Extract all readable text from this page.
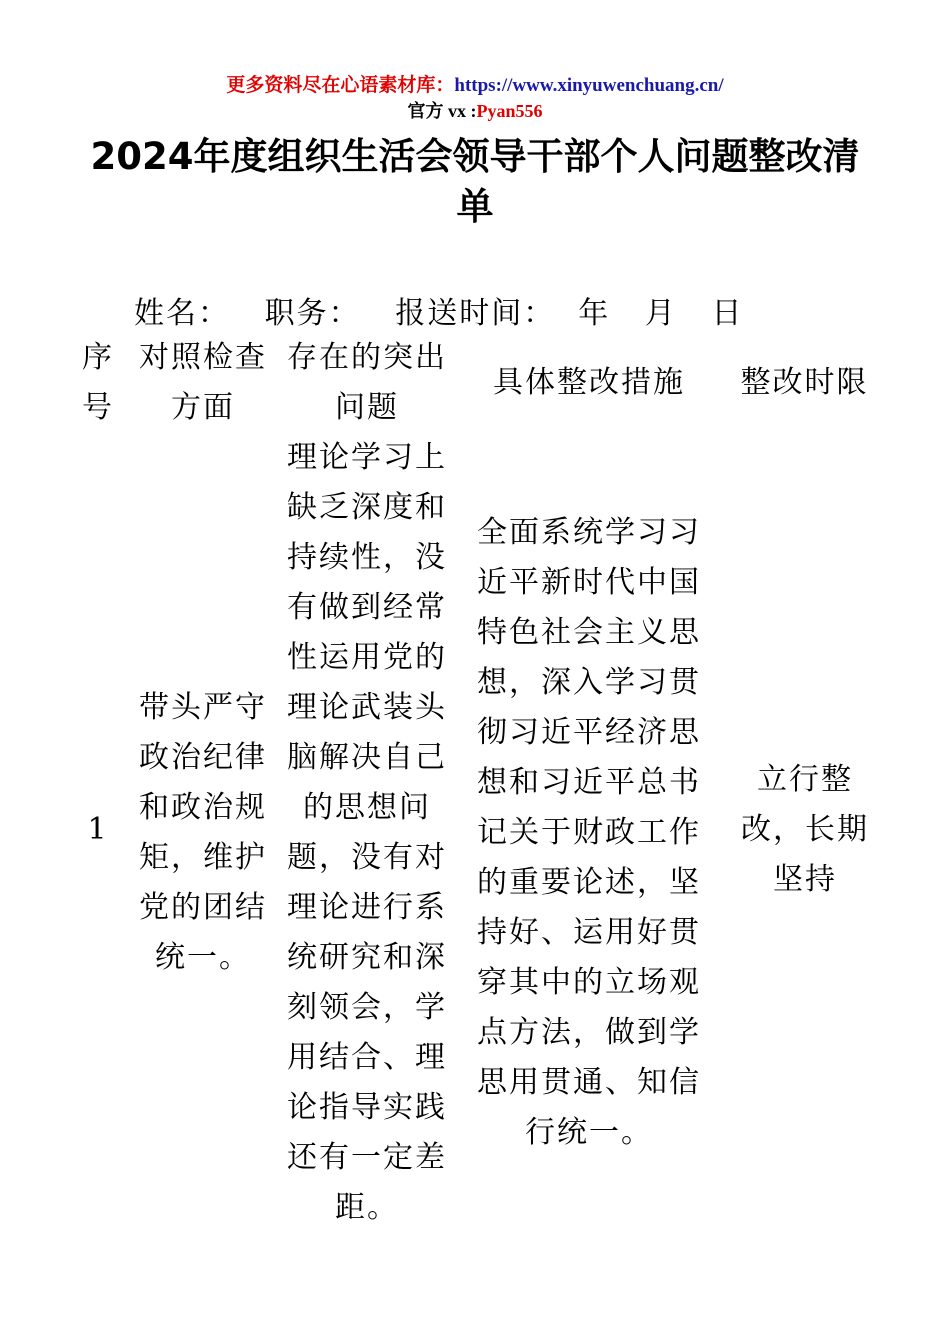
更多资料尽在心语素材库：https://www.xinyuwenchuang.cn/
官方 vx :Pyan556
2024年度组织生活会领导干部个人问题整改清单
姓名：   职务：   报送时间：  年   月   日
序号
对照检查方面
存在的突出问题
具体整改措施	整改时限
1
带头严守政治纪律和政治规矩，维护党的团结统一。
理论学习上缺乏深度和持续性，没有做到经常性运用党的理论武装头脑解决自己的思想问题，没有对理论进行系统研究和深刻领会，学用结合、理论指导实践还有一定差距。
全面系统学习习近平新时代中国特色社会主义思想，深入学习贯彻习近平经济思想和习近平总书记关于财政工作的重要论述，坚持好、运用好贯穿其中的立场观点方法，做到学思用贯通、知信行统一。
立行整改，长期坚持
